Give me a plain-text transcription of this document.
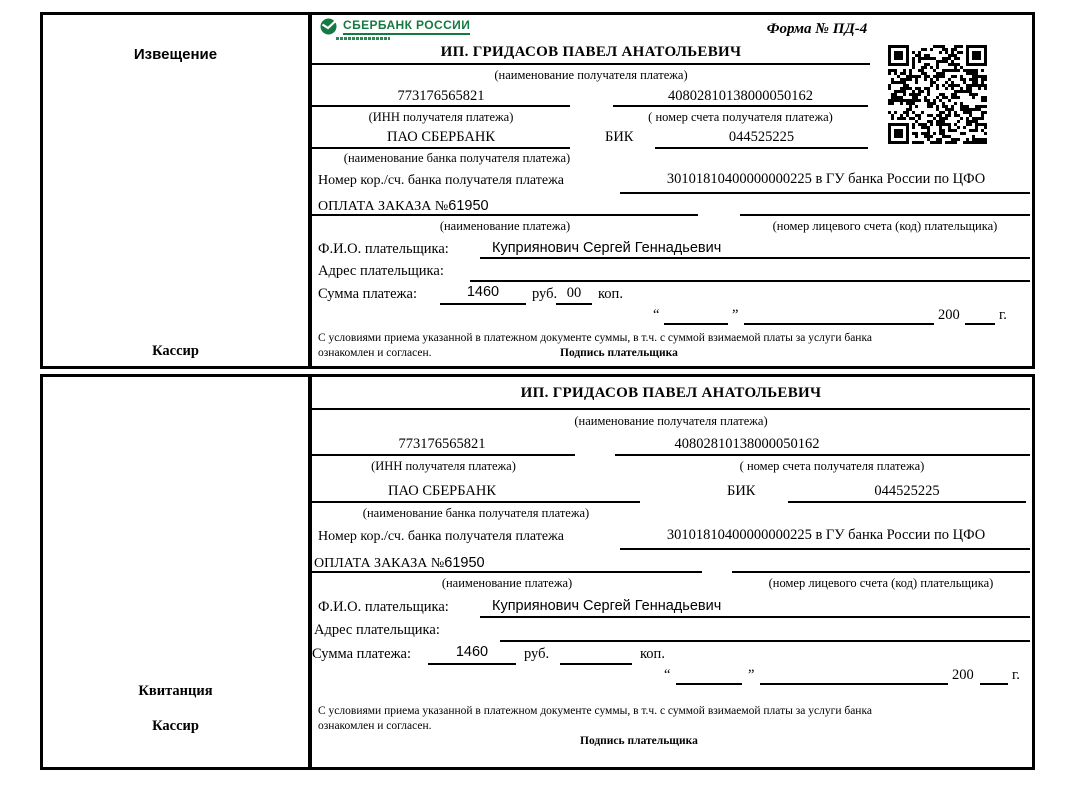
Извещение
Кассир
СБЕРБАНК РОССИИ	Форма № ПД-4
ИП. ГРИДАСОВ ПАВЕЛ АНАТОЛЬЕВИЧ
(наименование получателя платежа)
773176565821	40802810138000050162
(ИНН получателя платежа)	( номер счета получателя платежа)
ПАО СБЕРБАНК	БИК	044525225
(наименование банка получателя платежа)
Номер кор./сч. банка получателя платежа	30101810400000000225 в ГУ банка России по ЦФО
ОПЛАТА ЗАКАЗА №61950
(наименование платежа)	(номер лицевого счета (код) плательщика)
Ф.И.О. плательщика:	Куприянович Сергей Геннадьевич
Адрес плательщика:
Сумма платежа:	1460	руб. 00	коп.
“	”	200	г.
С условиями приема указанной в платежном документе суммы, в т.ч. с суммой взимаемой платы за услуги банка
ознакомлен и согласен.	Подпись плательщика
Квитанция
Кассир
ИП. ГРИДАСОВ ПАВЕЛ АНАТОЛЬЕВИЧ
(наименование получателя платежа)
773176565821	40802810138000050162
(ИНН получателя платежа)	( номер счета получателя платежа)
ПАО СБЕРБАНК	БИК	044525225
(наименование банка получателя платежа)
Номер кор./сч. банка получателя платежа	30101810400000000225 в ГУ банка России по ЦФО
ОПЛАТА ЗАКАЗА №61950
(наименование платежа)	(номер лицевого счета (код) плательщика)
Ф.И.О. плательщика:	Куприянович Сергей Геннадьевич
Адрес плательщика:
Сумма платежа:	1460	руб.	коп.
“	”	200	г.
С условиями приема указанной в платежном документе суммы, в т.ч. с суммой взимаемой платы за услуги банка
ознакомлен и согласен.
Подпись плательщика
